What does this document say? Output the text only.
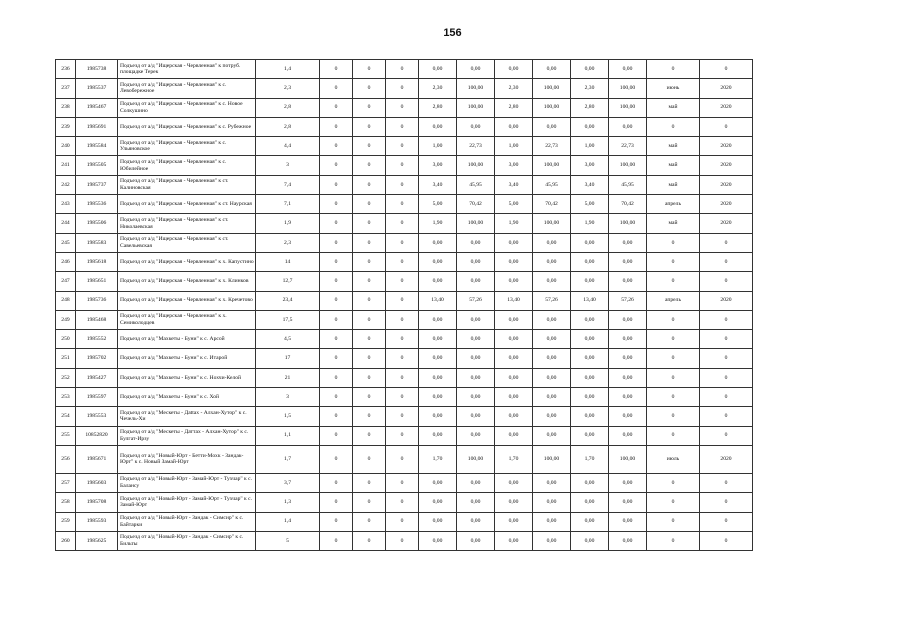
156
236	1985738	Подъезд от а/д "Ищерская - Червленная" к потруб. площадке Терек	1,4	0	0	0	0,00	0,00	0,00	0,00	0,00	0,00	0	0
237	1985537	Подъезд от а/д "Ищерская - Червленная" к с. Левобережное	2,3	0	0	0	2,30	100,00	2,30	100,00	2,30	100,00	июнь	2020
238	1985467	Подъезд от а/д "Ищерская - Червленная" к с. Новое Солкушино	2,8	0	0	0	2,80	100,00	2,80	100,00	2,80	100,00	май	2020
239	1985691	Подъезд от а/д "Ищерская - Червленная" к с. Рубежное	2,8	0	0	0	0,00	0,00	0,00	0,00	0,00	0,00	0	0
240	1985584	Подъезд от а/д "Ищерская - Червленная" к с. Ульяновское	4,4	0	0	0	1,00	22,73	1,00	22,73	1,00	22,73	май	2020
241	1985505	Подъезд от а/д "Ищерская - Червленная" к с. Юбилейное	3	0	0	0	3,00	100,00	3,00	100,00	3,00	100,00	май	2020
242	1985737	Подъезд от а/д "Ищерская - Червленная" к ст. Калиновская	7,4	0	0	0	3,40	45,95	3,40	45,95	3,40	45,95	май	2020
243	1985536	Подъезд от а/д "Ищерская - Червленная" к ст. Наурская	7,1	0	0	0	5,00	70,42	5,00	70,42	5,00	70,42	апрель	2020
244	1985506	Подъезд от а/д "Ищерская - Червленная" к ст. Николаевская	1,9	0	0	0	1,90	100,00	1,90	100,00	1,90	100,00	май	2020
245	1985583	Подъезд от а/д "Ищерская - Червленная" к ст. Савельевская	2,3	0	0	0	0,00	0,00	0,00	0,00	0,00	0,00	0	0
246	1985618	Подъезд от а/д "Ищерская - Червленная" к х. Капустино	14	0	0	0	0,00	0,00	0,00	0,00	0,00	0,00	0	0
247	1985651	Подъезд от а/д "Ищерская - Червленная" к х. Клинков	12,7	0	0	0	0,00	0,00	0,00	0,00	0,00	0,00	0	0
248	1985736	Подъезд от а/д "Ищерская - Червленная" к х. Кречетово	23,4	0	0	0	13,40	57,26	13,40	57,26	13,40	57,26	апрель	2020
249	1985468	Подъезд от а/д "Ищерская - Червленная" к х. Семиколодцев	17,5	0	0	0	0,00	0,00	0,00	0,00	0,00	0,00	0	0
250	1985552	Подъезд от а/д "Махкеты - Буни" к с. Арсой	4,5	0	0	0	0,00	0,00	0,00	0,00	0,00	0,00	0	0
251	1985702	Подъезд от а/д "Махкеты - Буни" к с. Итарой	17	0	0	0	0,00	0,00	0,00	0,00	0,00	0,00	0	0
252	1985427	Подъезд от а/д "Махкеты - Буни" к с. Нохчи-Келой	21	0	0	0	0,00	0,00	0,00	0,00	0,00	0,00	0	0
253	1985597	Подъезд от а/д "Махкеты - Буни" к с. Хой	3	0	0	0	0,00	0,00	0,00	0,00	0,00	0,00	0	0
254	1985553	Подъезд от а/д "Мескеты - Дattах - Алхан-Хутор" к с. Чечель-Хи	1,5	0	0	0	0,00	0,00	0,00	0,00	0,00	0,00	0	0
255	10852820	Подъезд от а/д "Мескеты - Даттах - Алхан-Хутор" к с. Булгат-Ирзу	1,1	0	0	0	0,00	0,00	0,00	0,00	0,00	0,00	0	0
256	1985671	Подъезд от а/д "Новый-Юрт - Бетти-Мохк - Зандак-Юрт" к с. Новый Замай-Юрт	1,7	0	0	0	1,70	100,00	1,70	100,00	1,70	100,00	июль	2020
257	1985603	Подъезд от а/д "Новый-Юрт - Замай-Юрт - Тухчар" к с. Балансу	3,7	0	0	0	0,00	0,00	0,00	0,00	0,00	0,00	0	0
258	1985708	Подъезд от а/д "Новый-Юрт - Замай-Юрт - Тухчар" к с. Замай-Юрт	1,3	0	0	0	0,00	0,00	0,00	0,00	0,00	0,00	0	0
259	1985593	Подъезд от а/д "Новый-Юрт - Зандак - Симсир" к с. Байтарки	1,4	0	0	0	0,00	0,00	0,00	0,00	0,00	0,00	0	0
260	1985625	Подъезд от а/д "Новый-Юрт - Зандак - Симсир" к с. Бильты	5	0	0	0	0,00	0,00	0,00	0,00	0,00	0,00	0	0
